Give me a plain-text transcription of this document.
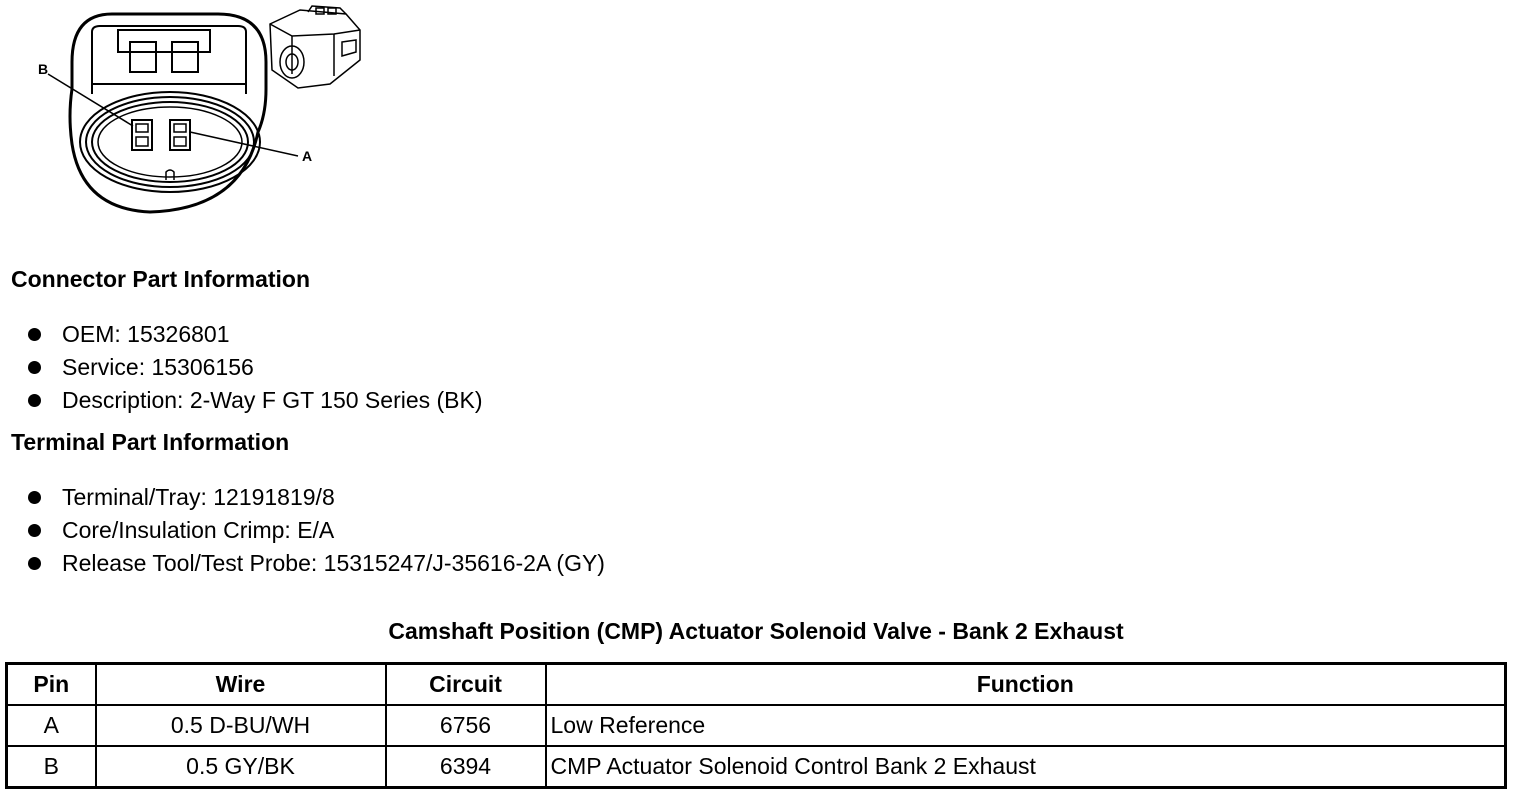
B
A
Connector Part Information
OEM: 15326801
Service: 15306156
Description: 2-Way F GT 150 Series (BK)
Terminal Part Information
Terminal/Tray: 12191819/8
Core/Insulation Crimp: E/A
Release Tool/Test Probe: 15315247/J-35616-2A (GY)
Camshaft Position (CMP) Actuator Solenoid Valve - Bank 2 Exhaust
Pin	Wire	Circuit	Function
A	0.5 D-BU/WH	6756	Low Reference
B	0.5 GY/BK	6394	CMP Actuator Solenoid Control Bank 2 Exhaust
